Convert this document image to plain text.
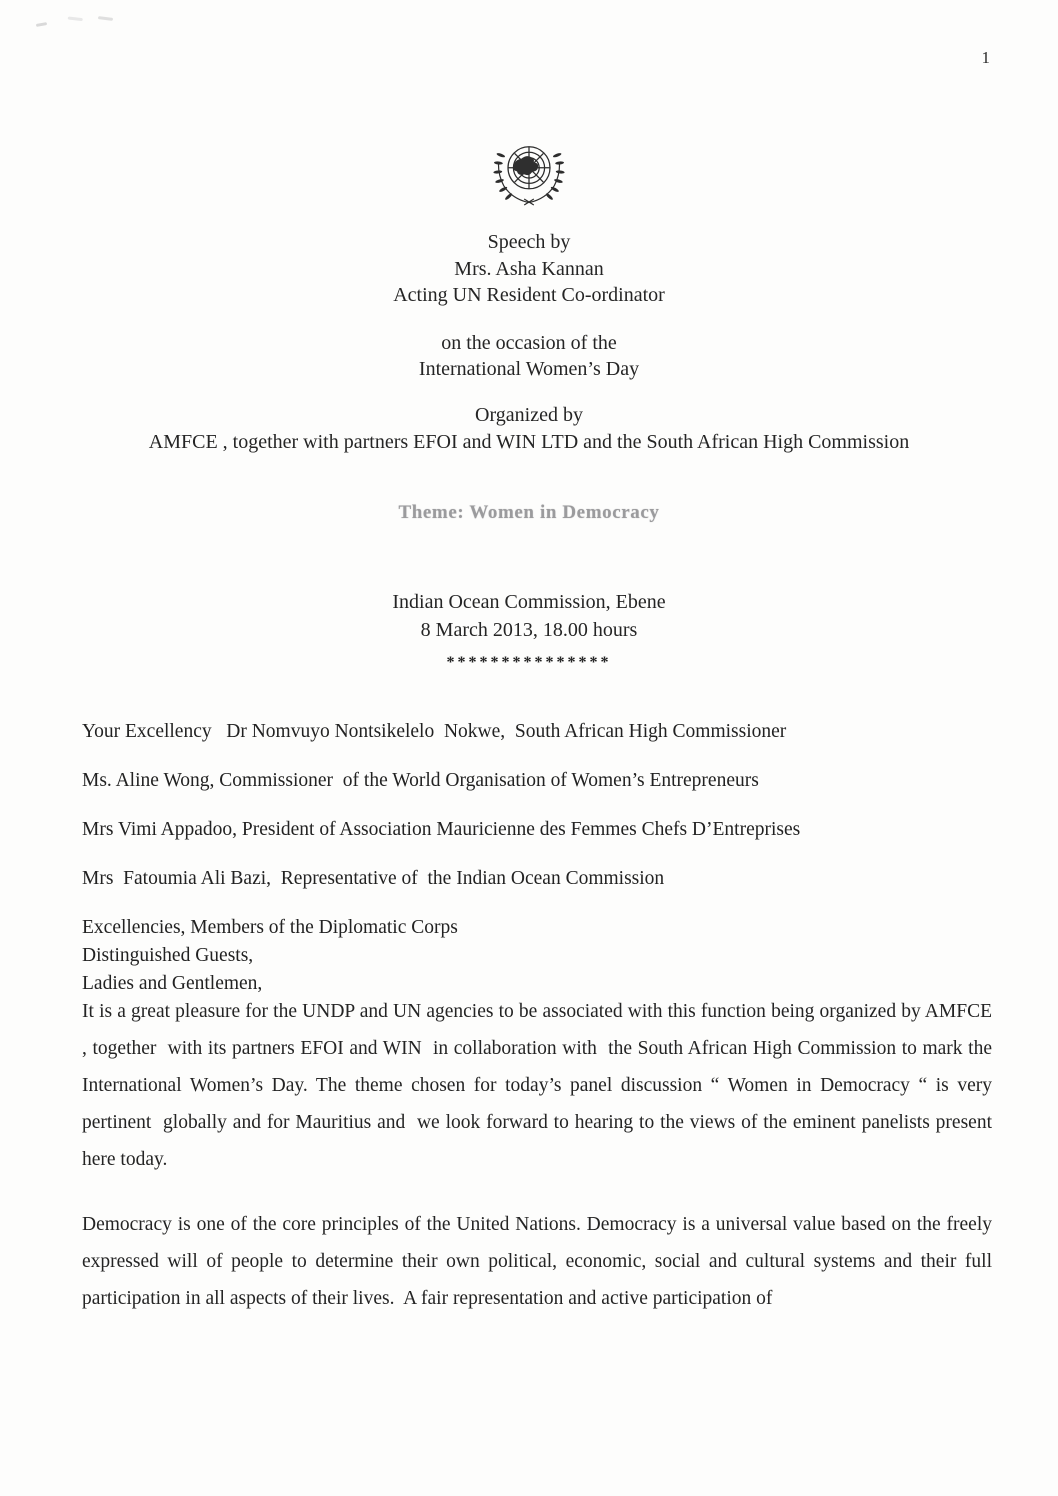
1
Speech by
Mrs. Asha Kannan
Acting UN Resident Co-ordinator
on the occasion of the
International Women’s Day
Organized by
AMFCE , together with partners EFOI and WIN LTD and the South African High Commission
Theme: Women in Democracy
Indian Ocean Commission, Ebene
8 March 2013, 18.00 hours
***************

Your Excellency   Dr Nomvuyo Nontsikelelo  Nokwe,  South African High Commissioner

Ms. Aline Wong, Commissioner  of the World Organisation of Women’s Entrepreneurs

Mrs Vimi Appadoo, President of Association Mauricienne des Femmes Chefs D’Entreprises

Mrs  Fatoumia Ali Bazi,  Representative of  the Indian Ocean Commission

Excellencies, Members of the Diplomatic Corps
Distinguished Guests,
Ladies and Gentlemen,

It is a great pleasure for the UNDP and UN agencies to be associated with this function being organized by AMFCE , together  with its partners EFOI and WIN  in collaboration with  the South African High Commission to mark the International Women’s Day. The theme chosen for today’s panel discussion “ Women in Democracy “ is very pertinent  globally and for Mauritius and  we look forward to hearing to the views of the eminent panelists present here today.

Democracy is one of the core principles of the United Nations. Democracy is a universal value based on the freely expressed will of people to determine their own political, economic, social and cultural systems and their full participation in all aspects of their lives.  A fair representation and active participation of
